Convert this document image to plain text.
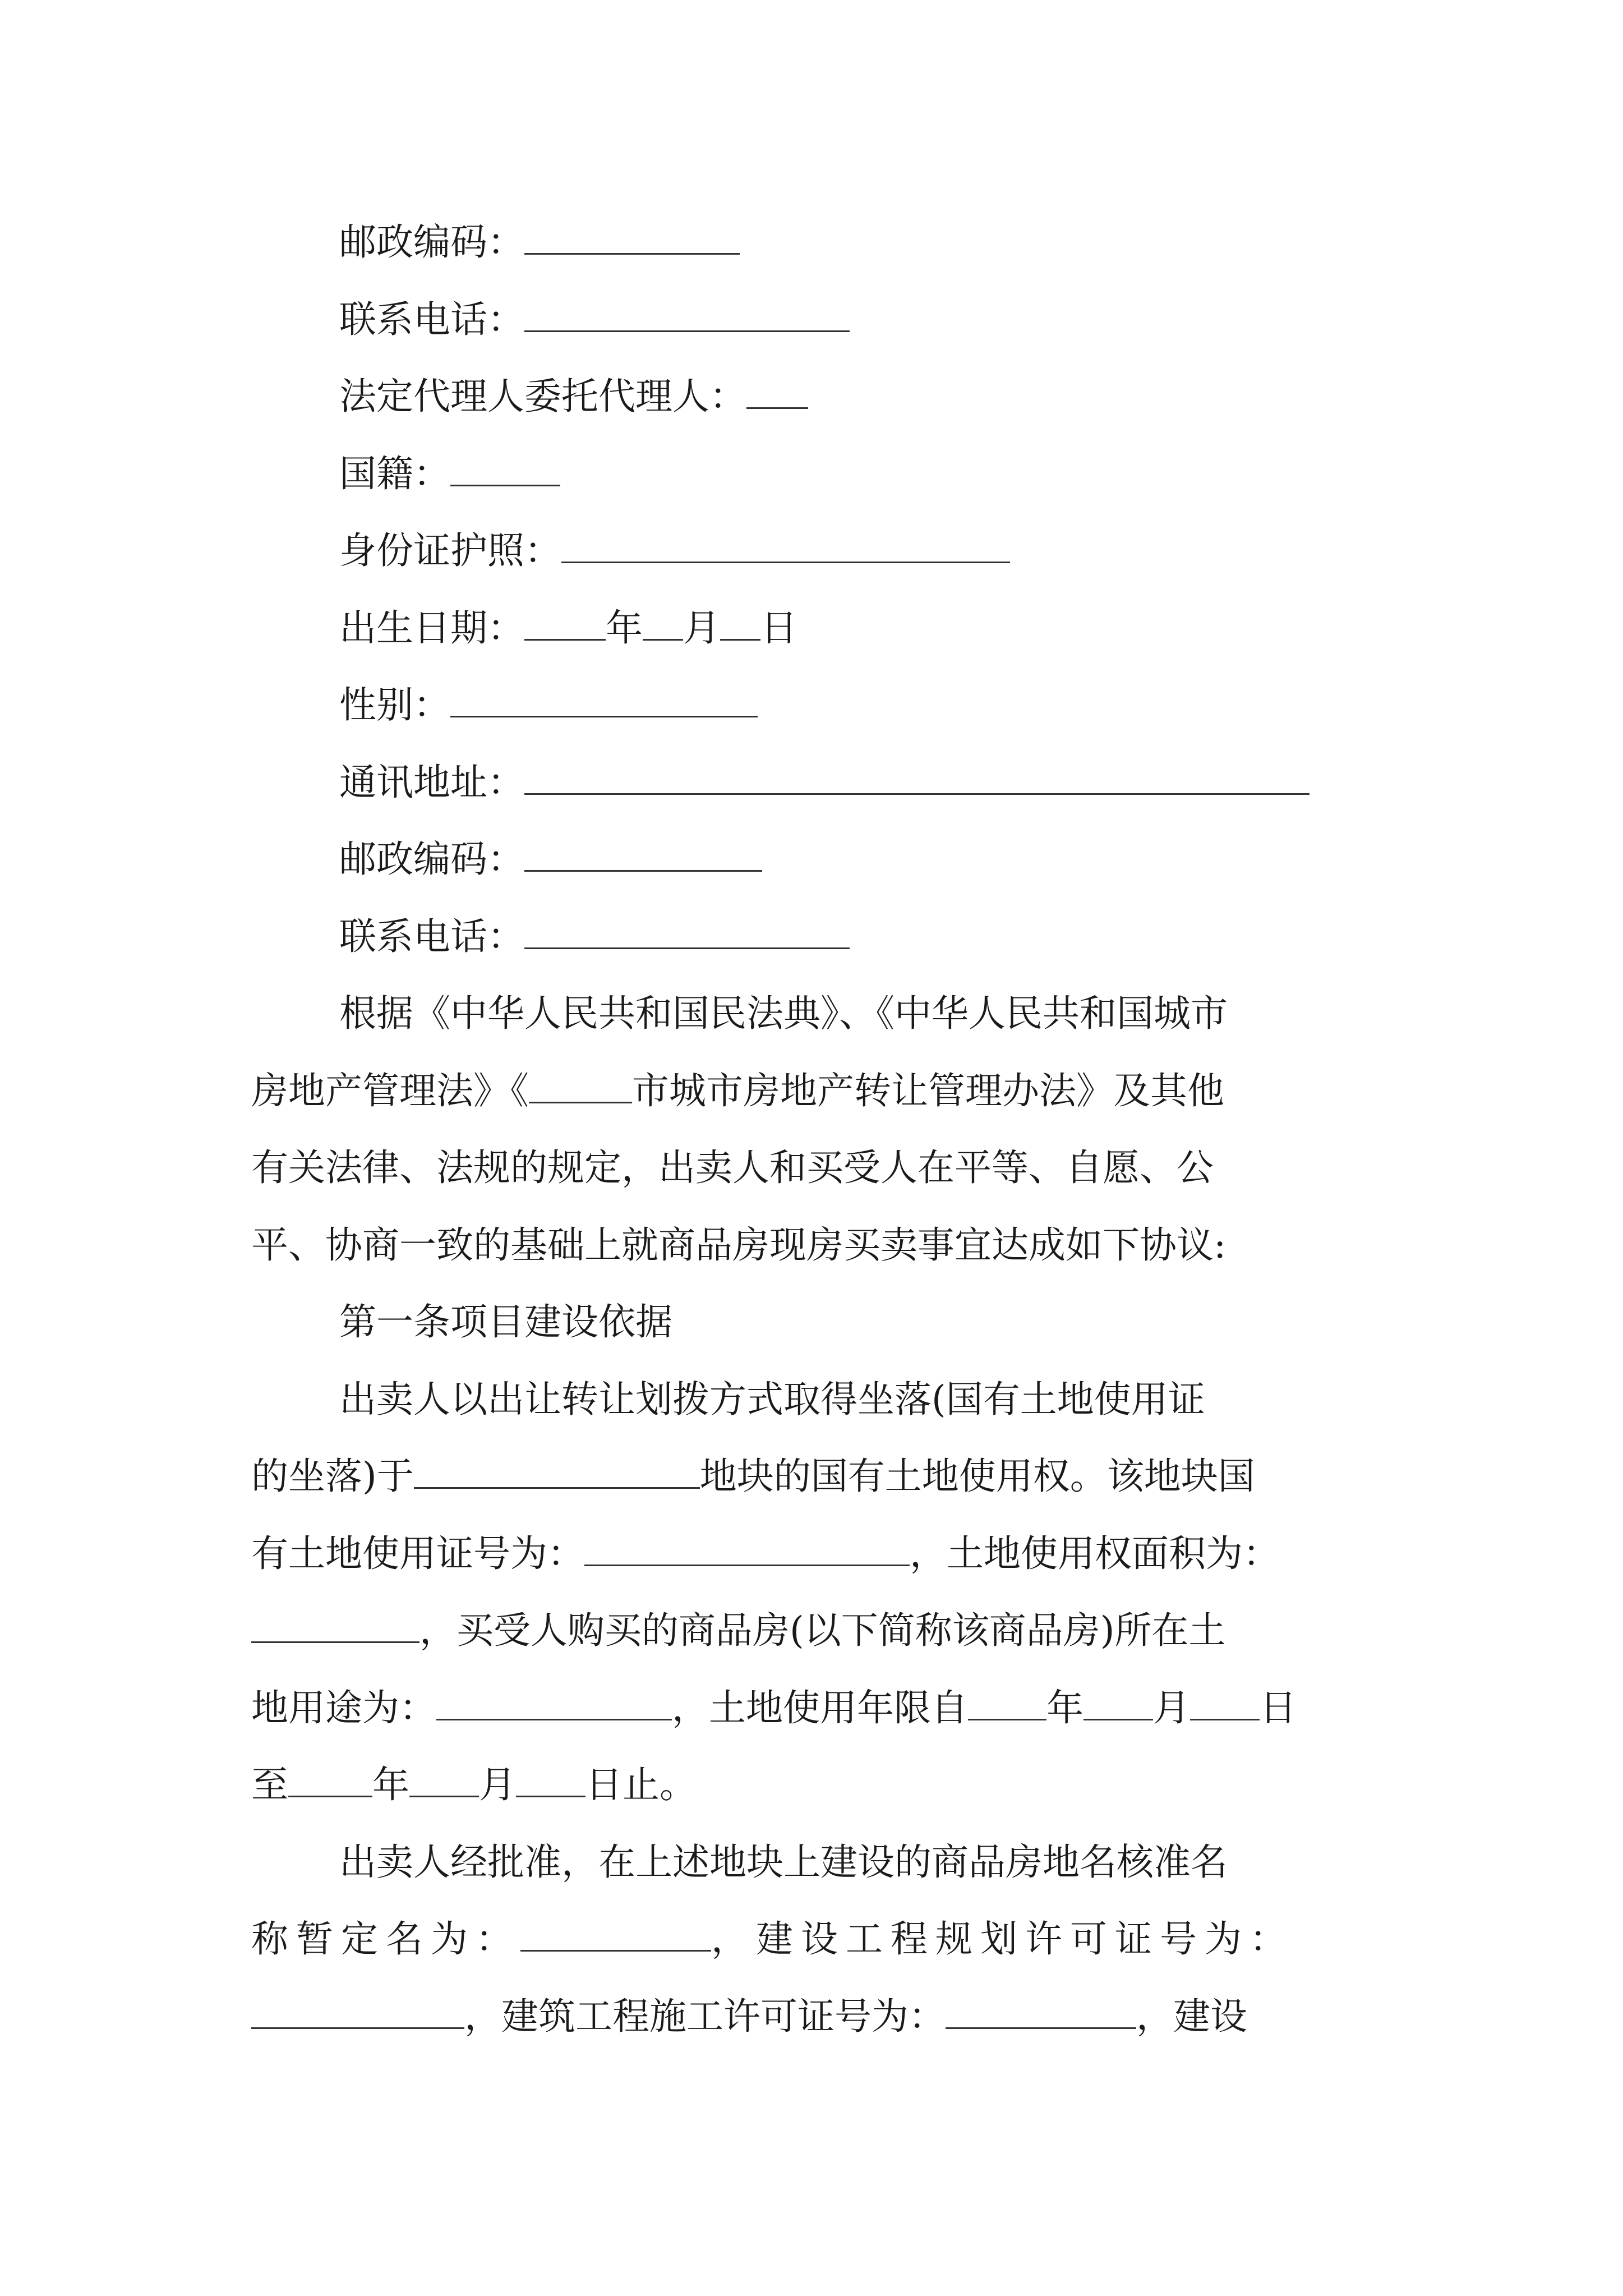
邮政编码：
联系电话：
法定代理人委托代理人：
国籍：
身份证护照：
出生日期： 年 月 日
性别：
通讯地址：
邮政编码：
联系电话：
根据《中华人民共和国民法典》、《中华人民共和国城市
房地产管理法》《	市城市房地产转让管理办法》及其他
有关法律、法规的规定，出卖人和买受人在平等、自愿、公
平、协商一致的基础上就商品房现房买卖事宜达成如下协议:
第一条项目建设依据
出卖人以出让转让划拨方式取得坐落(国有土地使用证
的坐落)于	地块的国有土地使用权。该地块国
有土地使用证号为：	，土地使用权面积为：
，买受人购买的商品房(以下简称该商品房)所在土
地用途为：	，土地使用年限自 年 月 日
至 年 月 日止。
出卖人经批准，在上述地块上建设的商品房地名核准名
称暂定名为：	，建设工程规划许可证号为：
，建筑工程施工许可证号为：	，建设
